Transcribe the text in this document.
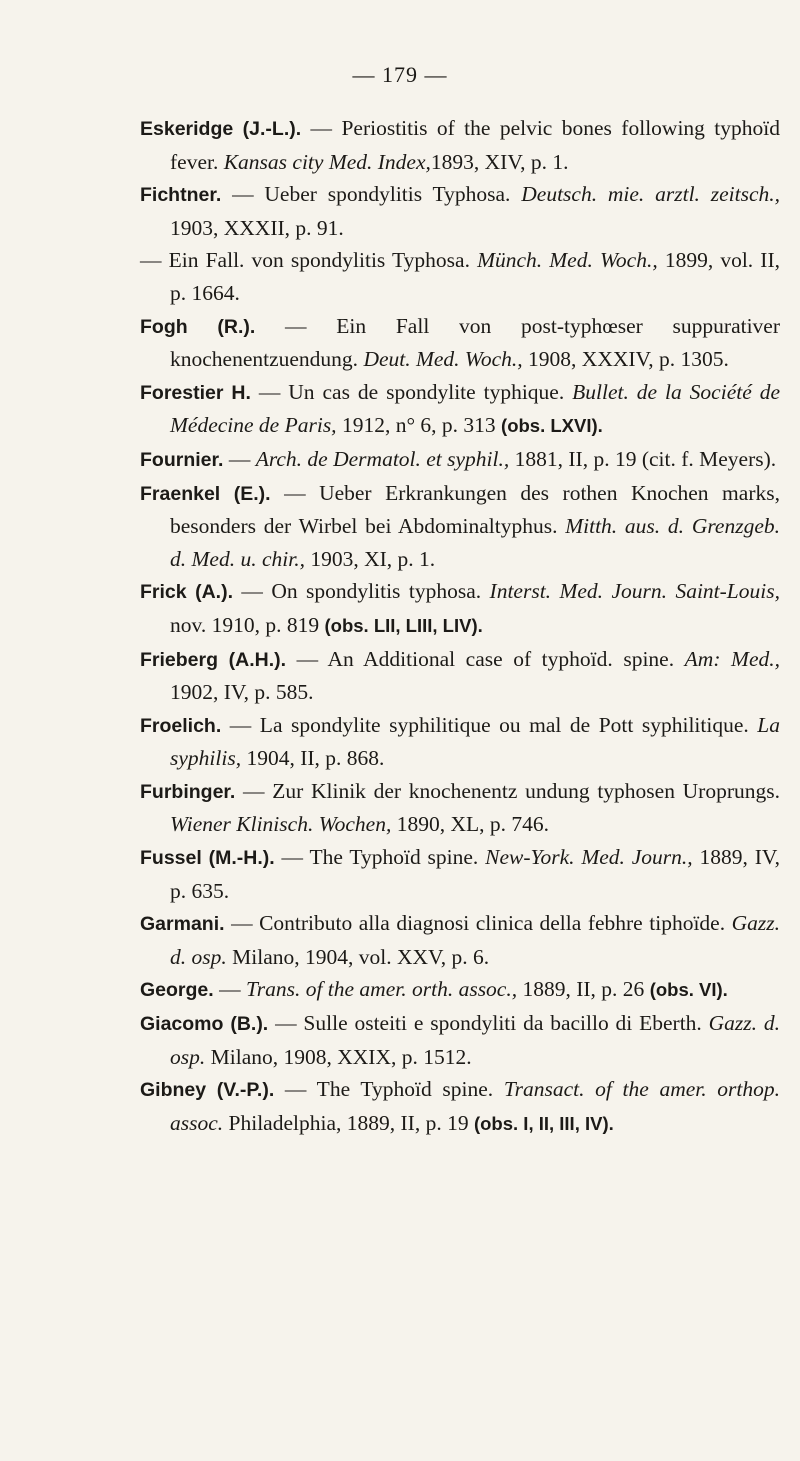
— 179 —
Eskeridge (J.-L.). — Periostitis of the pelvic bones following typhoïd fever. Kansas city Med. Index,1893, XIV, p. 1.
Fichtner. — Ueber spondylitis Typhosa. Deutsch. mie. arztl. zeitsch., 1903, XXXII, p. 91.
— Ein Fall. von spondylitis Typhosa. Münch. Med. Woch., 1899, vol. II, p. 1664.
Fogh (R.). — Ein Fall von post-typhœser suppurativer knochenentzuendung. Deut. Med. Woch., 1908, XXXIV, p. 1305.
Forestier H. — Un cas de spondylite typhique. Bullet. de la Société de Médecine de Paris, 1912, n° 6, p. 313 (obs. LXVI).
Fournier. — Arch. de Dermatol. et syphil., 1881, II, p. 19 (cit. f. Meyers).
Fraenkel (E.). — Ueber Erkrankungen des rothen Knochen marks, besonders der Wirbel bei Abdominaltyphus. Mitth. aus. d. Grenzgeb. d. Med. u. chir., 1903, XI, p. 1.
Frick (A.). — On spondylitis typhosa. Interst. Med. Journ. Saint-Louis, nov. 1910, p. 819 (obs. LII, LIII, LIV).
Frieberg (A.H.). — An Additional case of typhoïd. spine. Am: Med., 1902, IV, p. 585.
Froelich. — La spondylite syphilitique ou mal de Pott syphilitique. La syphilis, 1904, II, p. 868.
Furbinger. — Zur Klinik der knochenentz undung typhosen Uroprungs. Wiener Klinisch. Wochen, 1890, XL, p. 746.
Fussel (M.-H.). — The Typhoïd spine. New-York. Med. Journ., 1889, IV, p. 635.
Garmani. — Contributo alla diagnosi clinica della febhre tiphoïde. Gazz. d. osp. Milano, 1904, vol. XXV, p. 6.
George. — Trans. of the amer. orth. assoc., 1889, II, p. 26 (obs. VI).
Giacomo (B.). — Sulle osteiti e spondyliti da bacillo di Eberth. Gazz. d. osp. Milano, 1908, XXIX, p. 1512.
Gibney (V.-P.). — The Typhoïd spine. Transact. of the amer. orthop. assoc. Philadelphia, 1889, II, p. 19 (obs. I, II, III, IV).
